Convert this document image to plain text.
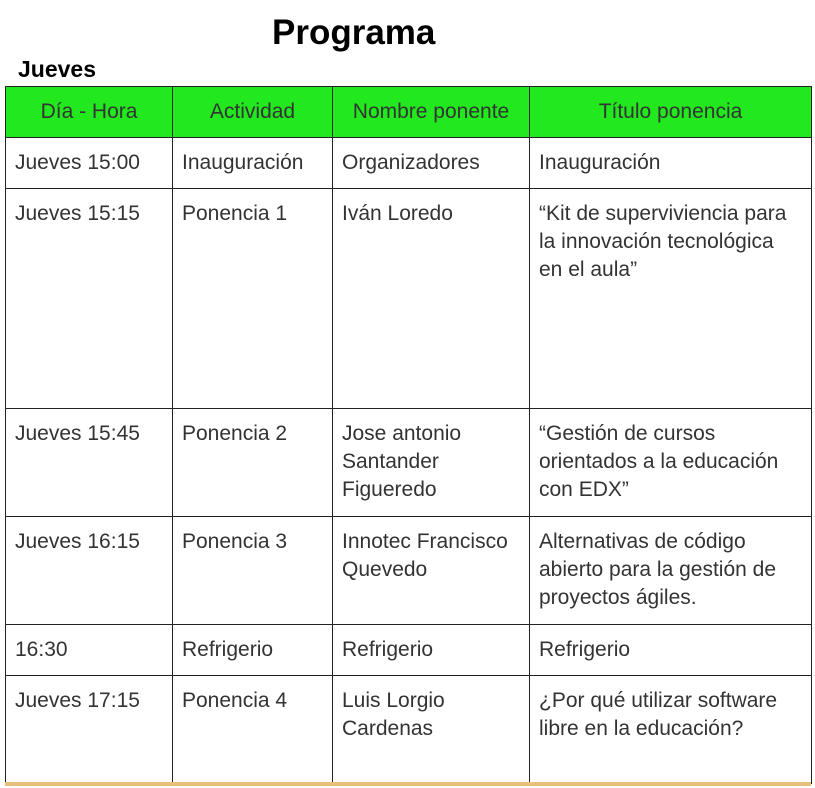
Programa
Jueves
Día - Hora	Actividad	Nombre ponente	Título ponencia
Jueves 15:00	Inauguración	Organizadores	Inauguración
Jueves 15:15	Ponencia 1	Iván Loredo	“Kit de superviviencia para la innovación tecnológica en el aula”
Jueves 15:45	Ponencia 2	Jose antonio Santander Figueredo	“Gestión de cursos orientados a la educación con EDX”
Jueves 16:15	Ponencia 3	Innotec Francisco Quevedo	Alternativas de código abierto para la gestión de proyectos ágiles.
16:30	Refrigerio	Refrigerio	Refrigerio
Jueves 17:15	Ponencia 4	Luis Lorgio Cardenas	¿Por qué utilizar software libre en la educación?
